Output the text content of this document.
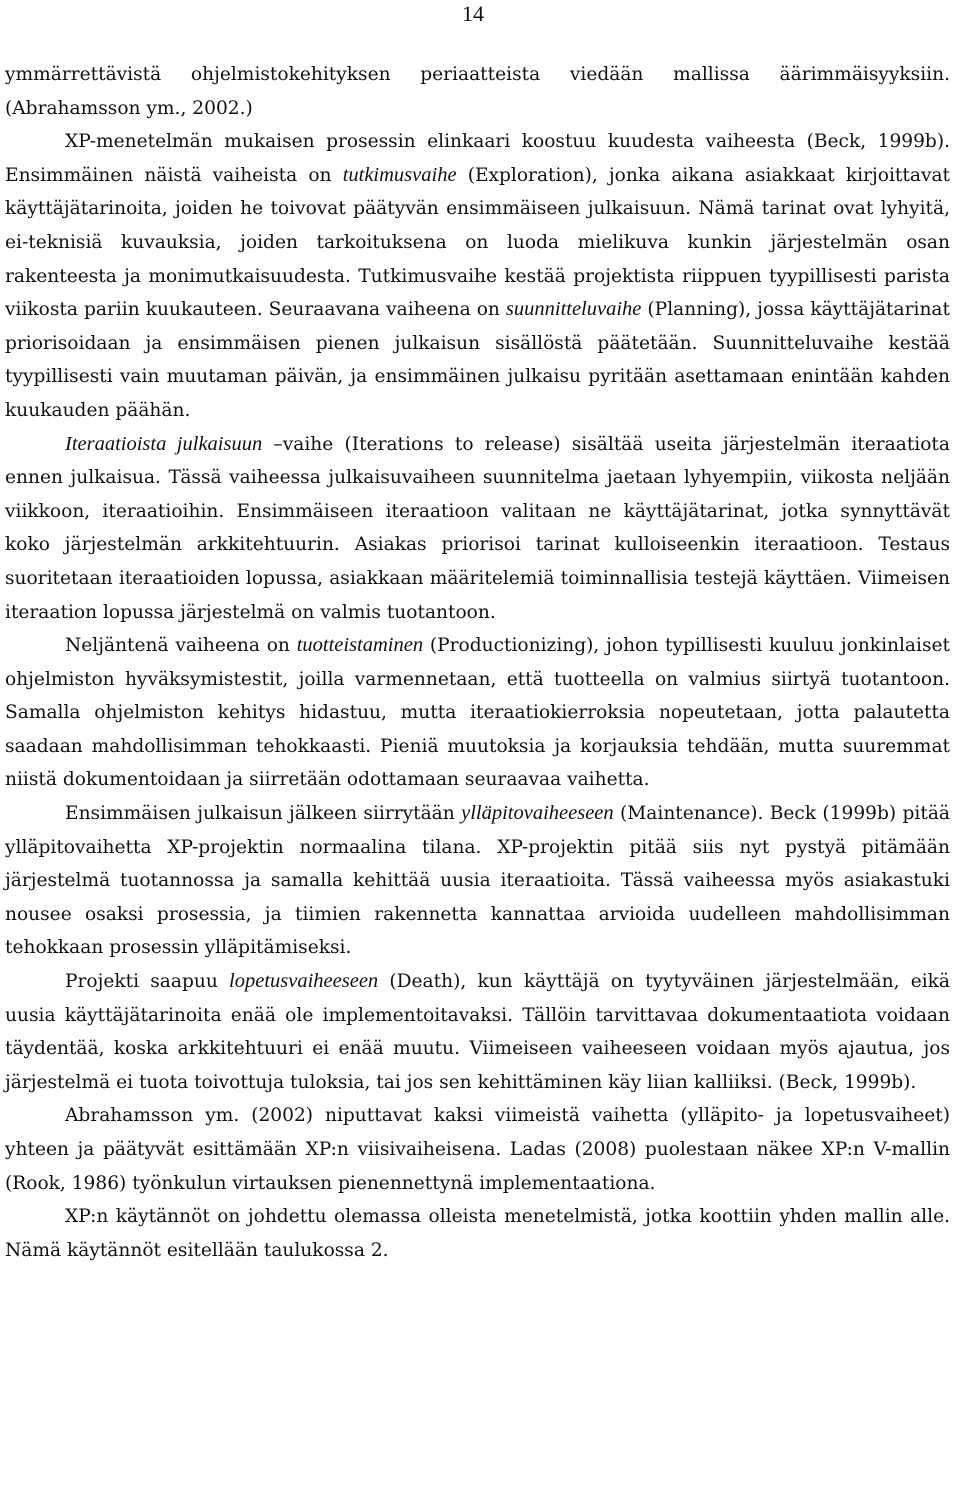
14

ymmärrettävistä ohjelmistokehityksen periaatteista viedään mallissa äärimmäisyyksiin. (Abrahamsson ym., 2002.)

XP-menetelmän mukaisen prosessin elinkaari koostuu kuudesta vaiheesta (Beck, 1999b). Ensimmäinen näistä vaiheista on tutkimusvaihe (Exploration), jonka aikana asiakkaat kirjoittavat käyttäjätarinoita, joiden he toivovat päätyvän ensimmäiseen julkaisuun. Nämä tarinat ovat lyhyitä, ei-teknisiä kuvauksia, joiden tarkoituksena on luoda mielikuva kunkin järjestelmän osan rakenteesta ja monimutkaisuudesta. Tutkimusvaihe kestää projektista riippuen tyypillisesti parista viikosta pariin kuukauteen. Seuraavana vaiheena on suunnitteluvaihe (Planning), jossa käyttäjätarinat priorisoidaan ja ensimmäisen pienen julkaisun sisällöstä päätetään. Suunnitteluvaihe kestää tyypillisesti vain muutaman päivän, ja ensimmäinen julkaisu pyritään asettamaan enintään kahden kuukauden päähän.

Iteraatioista julkaisuun –vaihe (Iterations to release) sisältää useita järjestelmän iteraatiota ennen julkaisua. Tässä vaiheessa julkaisuvaiheen suunnitelma jaetaan lyhyempiin, viikosta neljään viikkoon, iteraatioihin. Ensimmäiseen iteraatioon valitaan ne käyttäjätarinat, jotka synnyttävät koko järjestelmän arkkitehtuurin. Asiakas priorisoi tarinat kulloiseenkin iteraatioon. Testaus suoritetaan iteraatioiden lopussa, asiakkaan määritelemiä toiminnallisia testejä käyttäen. Viimeisen iteraation lopussa järjestelmä on valmis tuotantoon.

Neljäntenä vaiheena on tuotteistaminen (Productionizing), johon typillisesti kuuluu jonkinlaiset ohjelmiston hyväksymistestit, joilla varmennetaan, että tuotteella on valmius siirtyä tuotantoon. Samalla ohjelmiston kehitys hidastuu, mutta iteraatiokierroksia nopeutetaan, jotta palautetta saadaan mahdollisimman tehokkaasti. Pieniä muutoksia ja korjauksia tehdään, mutta suuremmat niistä dokumentoidaan ja siirretään odottamaan seuraavaa vaihetta.

Ensimmäisen julkaisun jälkeen siirrytään ylläpitovaiheeseen (Maintenance). Beck (1999b) pitää ylläpitovaihetta XP-projektin normaalina tilana. XP-projektin pitää siis nyt pystyä pitämään järjestelmä tuotannossa ja samalla kehittää uusia iteraatioita. Tässä vaiheessa myös asiakastuki nousee osaksi prosessia, ja tiimien rakennetta kannattaa arvioida uudelleen mahdollisimman tehokkaan prosessin ylläpitämiseksi.

Projekti saapuu lopetusvaiheeseen (Death), kun käyttäjä on tyytyväinen järjestelmään, eikä uusia käyttäjätarinoita enää ole implementoitavaksi. Tällöin tarvittavaa dokumentaatiota voidaan täydentää, koska arkkitehtuuri ei enää muutu. Viimeiseen vaiheeseen voidaan myös ajautua, jos järjestelmä ei tuota toivottuja tuloksia, tai jos sen kehittäminen käy liian kalliiksi. (Beck, 1999b).

Abrahamsson ym. (2002) niputtavat kaksi viimeistä vaihetta (ylläpito- ja lopetusvaiheet) yhteen ja päätyvät esittämään XP:n viisivaiheisena. Ladas (2008) puolestaan näkee XP:n V-mallin (Rook, 1986) työnkulun virtauksen pienennettynä implementaationa.

XP:n käytännöt on johdettu olemassa olleista menetelmistä, jotka koottiin yhden mallin alle. Nämä käytännöt esitellään taulukossa 2.
